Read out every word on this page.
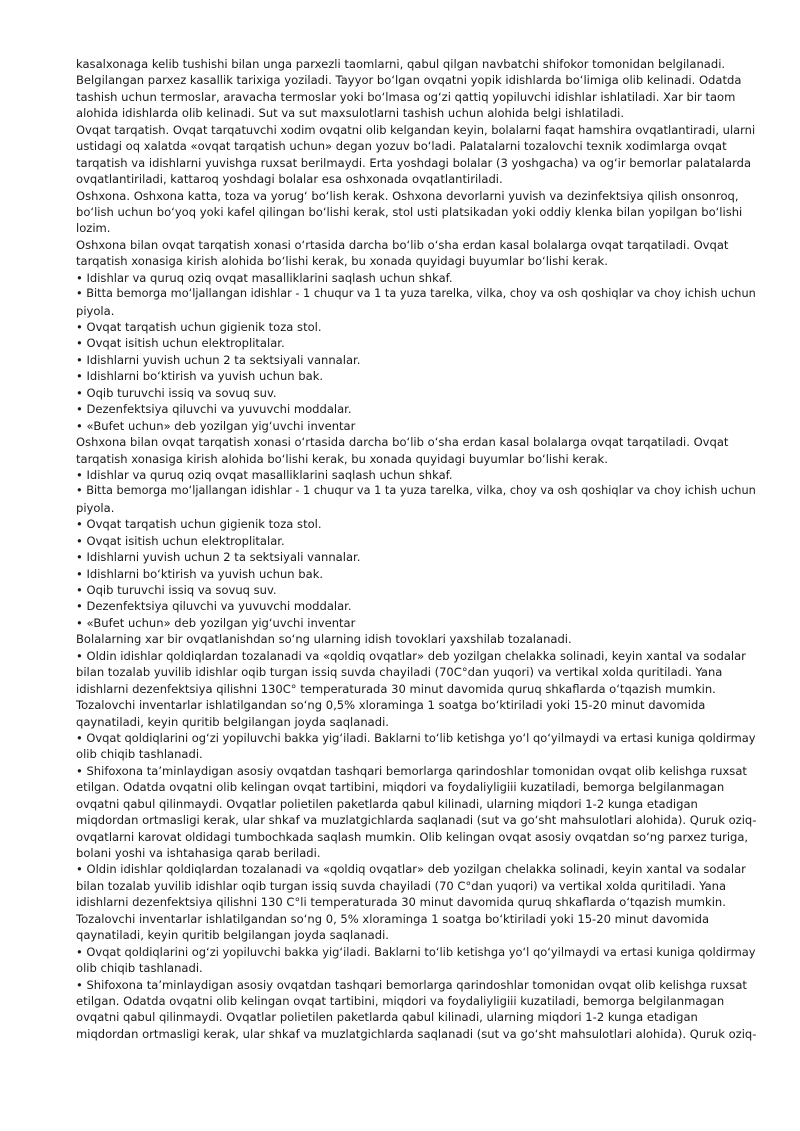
kasalxonaga kelib tushishi bilan unga parxezli taomlarni, qabul qilgan navbatchi shifokor tomonidan belgilanadi.
Belgilangan parxez kasallik tarixiga yoziladi. Tayyor bo‘lgan ovqatni yopik idishlarda bo‘limiga olib kelinadi. Odatda
tashish uchun termoslar, aravacha termoslar yoki bo‘lmasa og‘zi qattiq yopiluvchi idishlar ishlatiladi. Xar bir taom
alohida idishlarda olib kelinadi. Sut va sut maxsulotlarni tashish uchun alohida belgi ishlatiladi.
Ovqat tarqatish. Ovqat tarqatuvchi xodim ovqatni olib kelgandan keyin, bolalarni faqat hamshira ovqatlantiradi, ularni
ustidagi oq xalatda «ovqat tarqatish uchun» degan yozuv bo‘ladi. Palatalarni tozalovchi texnik xodimlarga ovqat
tarqatish va idishlarni yuvishga ruxsat berilmaydi. Erta yoshdagi bolalar (3 yoshgacha) va og‘ir bemorlar palatalarda
ovqatlantiriladi, kattaroq yoshdagi bolalar esa oshxonada ovqatlantiriladi.
Oshxona. Oshxona katta, toza va yorug‘ bo‘lish kerak. Oshxona devorlarni yuvish va dezinfektsiya qilish onsonroq,
bo‘lish uchun bo‘yoq yoki kafel qilingan bo‘lishi kerak, stol usti platsikadan yoki oddiy klenka bilan yopilgan bo‘lishi
lozim.
Oshxona bilan ovqat tarqatish xonasi o‘rtasida darcha bo‘lib o‘sha erdan kasal bolalarga ovqat tarqatiladi. Ovqat
tarqatish xonasiga kirish alohida bo‘lishi kerak, bu xonada quyidagi buyumlar bo‘lishi kerak.
• Idishlar va quruq oziq ovqat masalliklarini saqlash uchun shkaf.
• Bitta bemorga mo‘ljallangan idishlar - 1 chuqur va 1 ta yuza tarelka, vilka, choy va osh qoshiqlar va choy ichish uchun
piyola.
• Ovqat tarqatish uchun gigienik toza stol.
• Ovqat isitish uchun elektroplitalar.
• Idishlarni yuvish uchun 2 ta sektsiyali vannalar.
• Idishlarni bo‘ktirish va yuvish uchun bak.
• Oqib turuvchi issiq va sovuq suv.
• Dezenfektsiya qiluvchi va yuvuvchi moddalar.
• «Bufet uchun» deb yozilgan yig‘uvchi inventar
Oshxona bilan ovqat tarqatish xonasi o‘rtasida darcha bo‘lib o‘sha erdan kasal bolalarga ovqat tarqatiladi. Ovqat
tarqatish xonasiga kirish alohida bo‘lishi kerak, bu xonada quyidagi buyumlar bo‘lishi kerak.
• Idishlar va quruq oziq ovqat masalliklarini saqlash uchun shkaf.
• Bitta bemorga mo‘ljallangan idishlar - 1 chuqur va 1 ta yuza tarelka, vilka, choy va osh qoshiqlar va choy ichish uchun
piyola.
• Ovqat tarqatish uchun gigienik toza stol.
• Ovqat isitish uchun elektroplitalar.
• Idishlarni yuvish uchun 2 ta sektsiyali vannalar.
• Idishlarni bo‘ktirish va yuvish uchun bak.
• Oqib turuvchi issiq va sovuq suv.
• Dezenfektsiya qiluvchi va yuvuvchi moddalar.
• «Bufet uchun» deb yozilgan yig‘uvchi inventar
Bolalarning xar bir ovqatlanishdan so‘ng ularning idish tovoklari yaxshilab tozalanadi.
• Oldin idishlar qoldiqlardan tozalanadi va «qoldiq ovqatlar» deb yozilgan chelakka solinadi, keyin xantal va sodalar
bilan tozalab yuvilib idishlar oqib turgan issiq suvda chayiladi (70С°dan yuqori) va vertikal xolda quritiladi. Yana
idishlarni dezenfektsiya qilishni 130С° temperaturada 30 minut davomida quruq shkaflarda o‘tqazish mumkin.
Tozalovchi inventarlar ishlatilgandan so‘ng 0,5% xloraminga 1 soatga bo‘ktiriladi yoki 15-20 minut davomida
qaynatiladi, keyin quritib belgilangan joyda saqlanadi.
• Ovqat qoldiqlarini og‘zi yopiluvchi bakka yig‘iladi. Baklarni to‘lib ketishga yo‘l qo‘yilmaydi va ertasi kuniga qoldirmay
olib chiqib tashlanadi.
• Shifoxona ta’minlaydigan asosiy ovqatdan tashqari bemorlarga qarindoshlar tomonidan ovqat olib kelishga ruxsat
etilgan. Odatda ovqatni olib kelingan ovqat tartibini, miqdori va foydaliyligiii kuzatiladi, bemorga belgilanmagan
ovqatni qabul qilinmaydi. Ovqatlar polietilen paketlarda qabul kilinadi, ularning miqdori 1-2 kunga etadigan
miqdordan ortmasligi kerak, ular shkaf va muzlatgichlarda saqlanadi (sut va go‘sht mahsulotlari alohida). Quruk oziq-
ovqatlarni karovat oldidagi tumbochkada saqlash mumkin. Olib kelingan ovqat asosiy ovqatdan so‘ng parxez turiga,
bolani yoshi va ishtahasiga qarab beriladi.
• Oldin idishlar qoldiqlardan tozalanadi va «qoldiq ovqatlar» deb yozilgan chelakka solinadi, keyin xantal va sodalar
bilan tozalab yuvilib idishlar oqib turgan issiq suvda chayiladi (70 С°dan yuqori) va vertikal xolda quritiladi. Yana
idishlarni dezenfektsiya qilishni 130 С°li temperaturada 30 minut davomida quruq shkaflarda o‘tqazish mumkin.
Tozalovchi inventarlar ishlatilgandan so‘ng 0, 5% xloraminga 1 soatga bo‘ktiriladi yoki 15-20 minut davomida
qaynatiladi, keyin quritib belgilangan joyda saqlanadi.
• Ovqat qoldiqlarini og‘zi yopiluvchi bakka yig‘iladi. Baklarni to‘lib ketishga yo‘l qo‘yilmaydi va ertasi kuniga qoldirmay
olib chiqib tashlanadi.
• Shifoxona ta’minlaydigan asosiy ovqatdan tashqari bemorlarga qarindoshlar tomonidan ovqat olib kelishga ruxsat
etilgan. Odatda ovqatni olib kelingan ovqat tartibini, miqdori va foydaliyligiii kuzatiladi, bemorga belgilanmagan
ovqatni qabul qilinmaydi. Ovqatlar polietilen paketlarda qabul kilinadi, ularning miqdori 1-2 kunga etadigan
miqdordan ortmasligi kerak, ular shkaf va muzlatgichlarda saqlanadi (sut va go‘sht mahsulotlari alohida). Quruk oziq-
